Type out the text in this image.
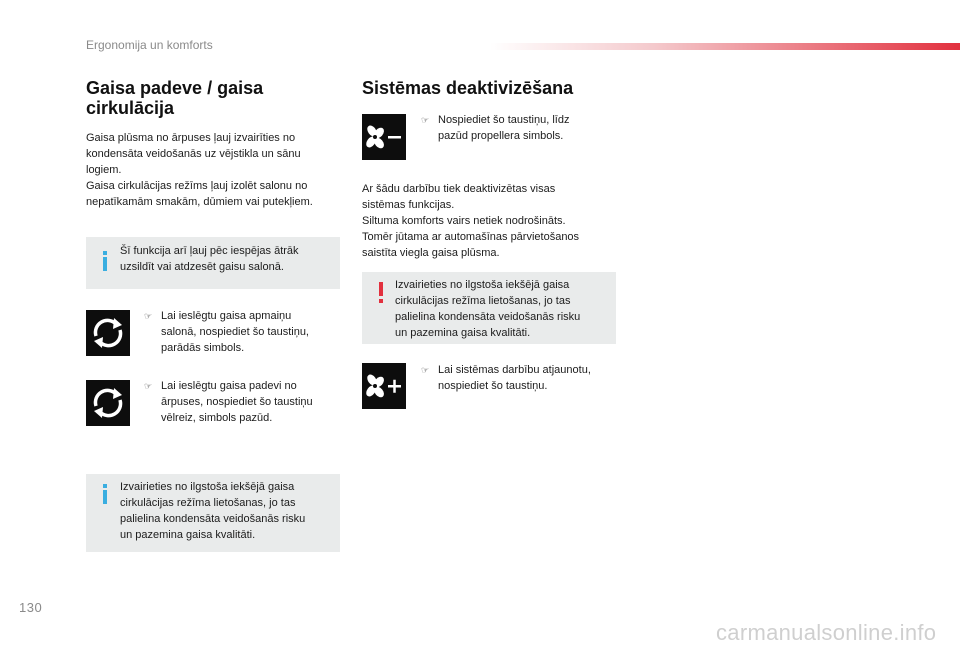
Ergonomija un komforts
Gaisa padeve / gaisa
cirkulācija
Gaisa plūsma no ārpuses ļauj izvairīties no
kondensāta veidošanās uz vējstikla un sānu
logiem.
Gaisa cirkulācijas režīms ļauj izolēt salonu no
nepatīkamām smakām, dūmiem vai putekļiem.
Šī funkcija arī ļauj pēc iespējas ātrāk
uzsildīt vai atdzesēt gaisu salonā.
☞ Lai ieslēgtu gaisa apmaiņu
salonā, nospiediet šo taustiņu,
parādās simbols.
☞ Lai ieslēgtu gaisa padevi no
ārpuses, nospiediet šo taustiņu
vēlreiz, simbols pazūd.
Izvairieties no ilgstoša iekšējā gaisa
cirkulācijas režīma lietošanas, jo tas
palielina kondensāta veidošanās risku
un pazemina gaisa kvalitāti.
Sistēmas deaktivizēšana
☞ Nospiediet šo taustiņu, līdz
pazūd propellera simbols.
Ar šādu darbību tiek deaktivizētas visas
sistēmas funkcijas.
Siltuma komforts vairs netiek nodrošināts.
Tomēr jūtama ar automašīnas pārvietošanos
saistīta viegla gaisa plūsma.
Izvairieties no ilgstoša iekšējā gaisa
cirkulācijas režīma lietošanas, jo tas
palielina kondensāta veidošanās risku
un pazemina gaisa kvalitāti.
☞ Lai sistēmas darbību atjaunotu,
nospiediet šo taustiņu.
130
carmanualsonline.info
